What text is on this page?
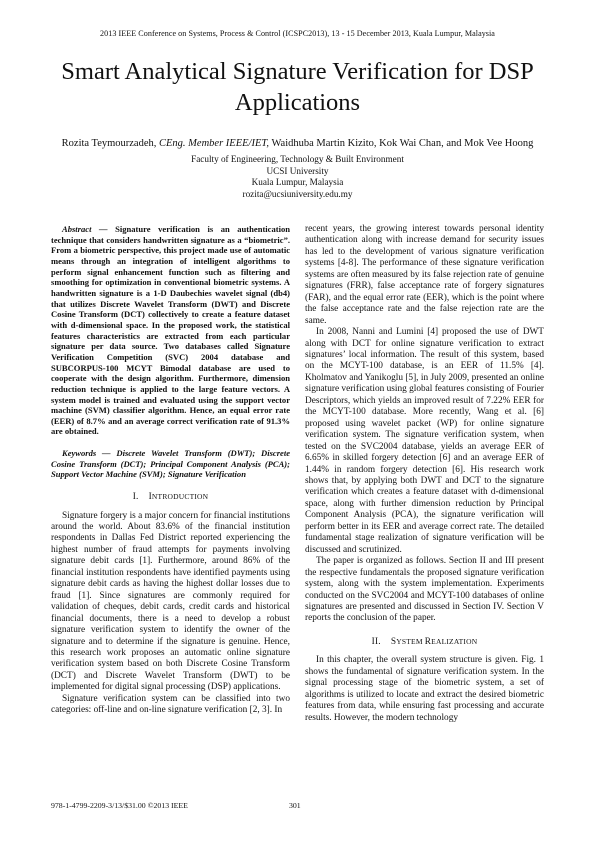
2013 IEEE Conference on Systems, Process & Control (ICSPC2013), 13 - 15 December 2013, Kuala Lumpur, Malaysia
Smart Analytical Signature Verification for DSP
Applications
Rozita Teymourzadeh, CEng. Member IEEE/IET, Waidhuba Martin Kizito, Kok Wai Chan, and Mok Vee Hoong
Faculty of Engineering, Technology & Built Environment
UCSI University
Kuala Lumpur, Malaysia
rozita@ucsiuniversity.edu.my

Abstract — Signature verification is an authentication technique that considers handwritten signature as a “biometric”. From a biometric perspective, this project made use of automatic means through an integration of intelligent algorithms to perform signal enhancement function such as filtering and smoothing for optimization in conventional biometric systems. A handwritten signature is a 1-D Daubechies wavelet signal (db4) that utilizes Discrete Wavelet Transform (DWT) and Discrete Cosine Transform (DCT) collectively to create a feature dataset with d-dimensional space. In the proposed work, the statistical features characteristics are extracted from each particular signature per data source. Two databases called Signature Verification Competition (SVC) 2004 database and SUBCORPUS-100 MCYT Bimodal database are used to cooperate with the design algorithm. Furthermore, dimension reduction technique is applied to the large feature vectors. A system model is trained and evaluated using the support vector machine (SVM) classifier algorithm. Hence, an equal error rate (EER) of 8.7% and an average correct verification rate of 91.3% are obtained.

Keywords — Discrete Wavelet Transform (DWT); Discrete Cosine Transform (DCT); Principal Component Analysis (PCA); Support Vector Machine (SVM); Signature Verification

I. INTRODUCTION

Signature forgery is a major concern for financial institutions around the world. About 83.6% of the financial institution respondents in Dallas Fed District reported experiencing the highest number of fraud attempts for payments involving signature debit cards [1]. Furthermore, around 86% of the financial institution respondents have identified payments using signature debit cards as having the highest dollar losses due to fraud [1]. Since signatures are commonly required for validation of cheques, debit cards, credit cards and historical financial documents, there is a need to develop a robust signature verification system to identify the owner of the signature and to determine if the signature is genuine. Hence, this research work proposes an automatic online signature verification system based on both Discrete Cosine Transform (DCT) and Discrete Wavelet Transform (DWT) to be implemented for digital signal processing (DSP) applications.

Signature verification system can be classified into two categories: off-line and on-line signature verification [2, 3]. In

recent years, the growing interest towards personal identity authentication along with increase demand for security issues has led to the development of various signature verification systems [4-8]. The performance of these signature verification systems are often measured by its false rejection rate of genuine signatures (FRR), false acceptance rate of forgery signatures (FAR), and the equal error rate (EER), which is the point where the false acceptance rate and the false rejection rate are the same.

In 2008, Nanni and Lumini [4] proposed the use of DWT along with DCT for online signature verification to extract signatures’ local information. The result of this system, based on the MCYT-100 database, is an EER of 11.5% [4]. Kholmatov and Yanikoglu [5], in July 2009, presented an online signature verification using global features consisting of Fourier Descriptors, which yields an improved result of 7.22% EER for the MCYT-100 database. More recently, Wang et al. [6] proposed using wavelet packet (WP) for online signature verification system. The signature verification system, when tested on the SVC2004 database, yields an average EER of 6.65% in skilled forgery detection [6] and an average EER of 1.44% in random forgery detection [6]. His research work shows that, by applying both DWT and DCT to the signature verification which creates a feature dataset with d-dimensional space, along with further dimension reduction by Principal Component Analysis (PCA), the signature verification will perform better in its EER and average correct rate. The detailed fundamental stage realization of signature verification will be discussed and scrutinized.

The paper is organized as follows. Section II and III present the respective fundamentals the proposed signature verification system, along with the system implementation. Experiments conducted on the SVC2004 and MCYT-100 databases of online signatures are presented and discussed in Section IV. Section V reports the conclusion of the paper.

II. SYSTEM REALIZATION

In this chapter, the overall system structure is given. Fig. 1 shows the fundamental of signature verification system. In the signal processing stage of the biometric system, a set of algorithms is utilized to locate and extract the desired biometric features from data, while ensuring fast processing and accurate results. However, the modern technology

978-1-4799-2209-3/13/$31.00 ©2013 IEEE	301
